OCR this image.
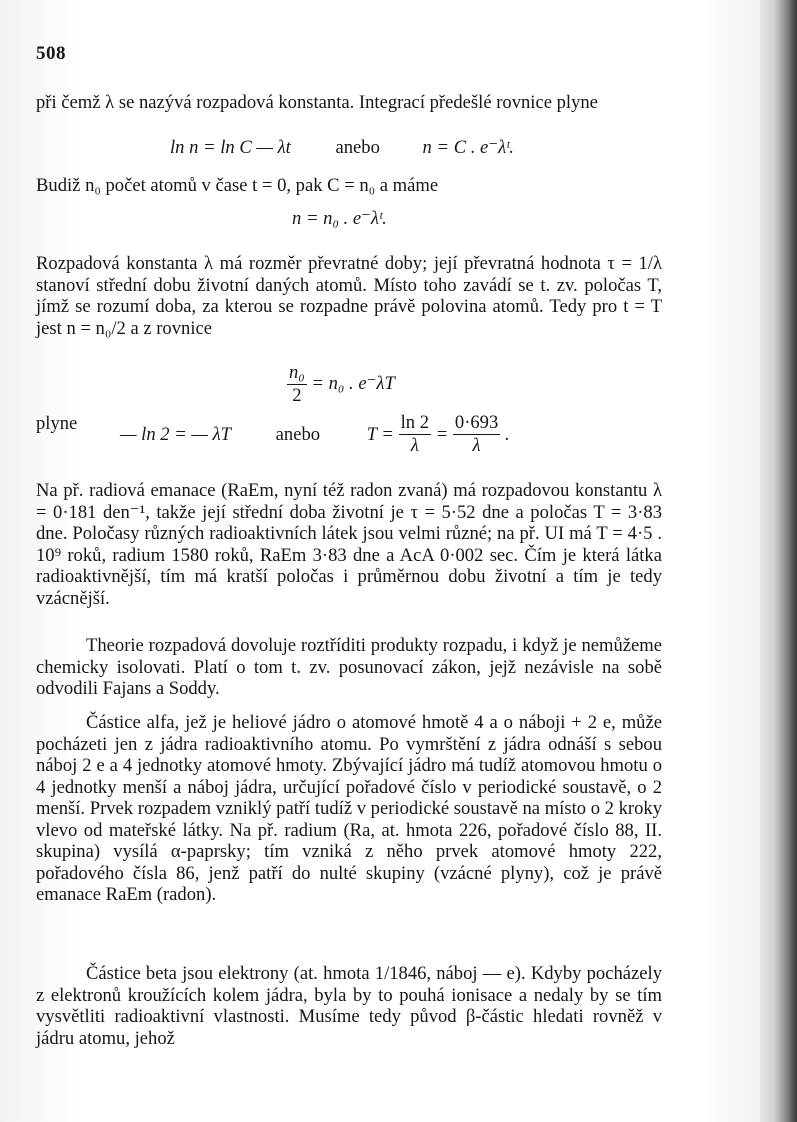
508
při čemž λ se nazývá rozpadová konstanta. Integrací předešlé rovnice plyne
ln n = ln C — λt anebo n = C . e⁻λᵗ.
Budiž n₀ počet atomů v čase t = 0, pak C = n₀ a máme
n = n₀ . e⁻λᵗ.
Rozpadová konstanta λ má rozměr převratné doby; její převratná hodnota τ = 1/λ stanoví střední dobu životní daných atomů. Místo toho zavádí se t. zv. poločas T, jímž se rozumí doba, za kterou se rozpadne právě polovina atomů. Tedy pro t = T jest n = n₀/2 a z rovnice
$\frac{\text{n₀}}{2} = n_0$ . e⁻λT
plyne — ln 2 = — λT anebo	$T = \frac{\ln 2}{\lambda} = \frac{0\cdot 693}{\lambda}$ .
Na př. radiová emanace (RaEm, nyní též radon zvaná) má rozpadovou konstantu λ = 0·181 den⁻¹, takže její střední doba životní je τ = 5·52 dne a poločas T = 3·83 dne. Poločasy různých radioaktivních látek jsou velmi různé; na př. UI má T = 4·5 . 10⁹ roků, radium 1580 roků, RaEm 3·83 dne a AcA 0·002 sec. Čím je která látka radioaktivnější, tím má kratší poločas i průměrnou dobu životní a tím je tedy vzácnější.
Theorie rozpadová dovoluje roztříditi produkty rozpadu, i když je nemůžeme chemicky isolovati. Platí o tom t. zv. posunovací zákon, jejž nezávisle na sobě odvodili Fajans a Soddy.
Částice alfa, jež je heliové jádro o atomové hmotě 4 a o náboji + 2 e, může pocházeti jen z jádra radioaktivního atomu. Po vymrštění z jádra odnáší s sebou náboj 2 e a 4 jednotky atomové hmoty. Zbývající jádro má tudíž atomovou hmotu o 4 jednotky menší a náboj jádra, určující pořadové číslo v periodické soustavě, o 2 menší. Prvek rozpadem vzniklý patří tudíž v periodické soustavě na místo o 2 kroky vlevo od mateřské látky. Na př. radium (Ra, at. hmota 226, pořadové číslo 88, II. skupina) vysílá α-paprsky; tím vzniká z něho prvek atomové hmoty 222, pořadového čísla 86, jenž patří do nulté skupiny (vzácné plyny), což je právě emanace RaEm (radon).
Částice beta jsou elektrony (at. hmota 1/1846, náboj — e). Kdyby pocházely z elektronů kroužících kolem jádra, byla by to pouhá ionisace a nedaly by se tím vysvětliti radioaktivní vlastnosti. Musíme tedy původ β-částic hledati rovněž v jádru atomu, jehož
